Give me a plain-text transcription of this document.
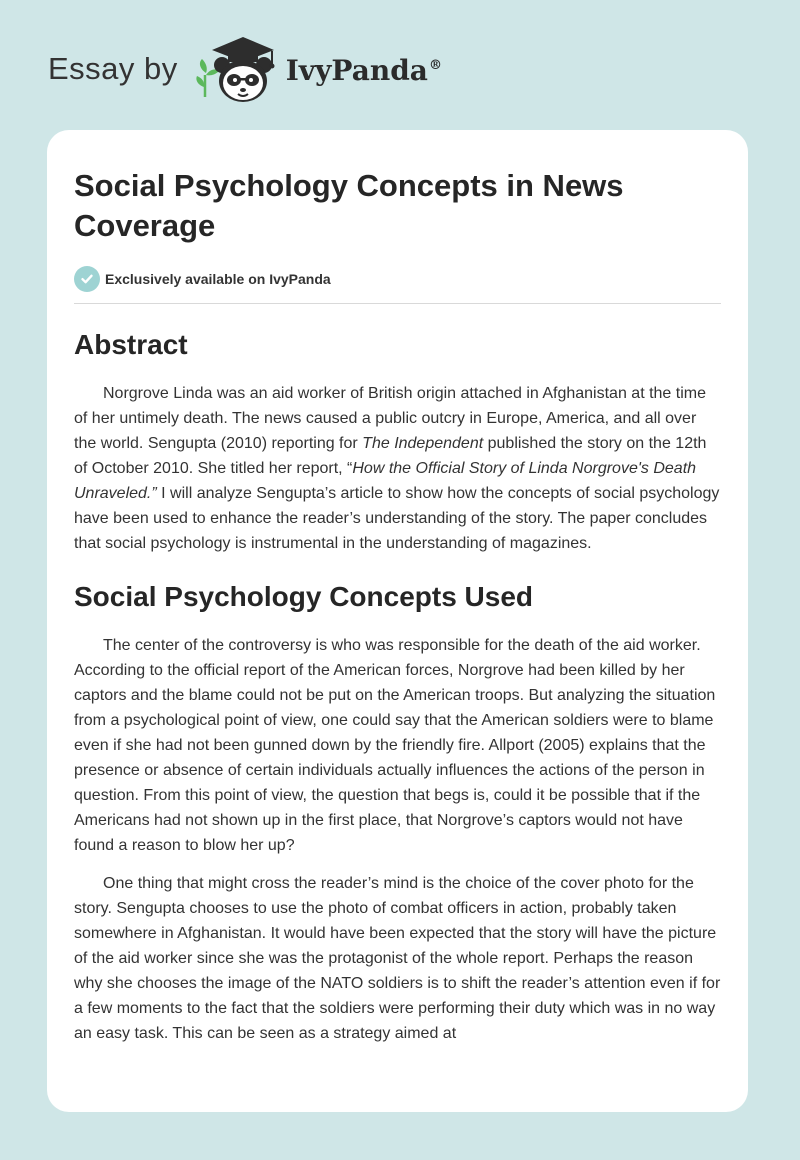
Essay by	IvyPanda®
Social Psychology Concepts in News Coverage
Exclusively available on IvyPanda
Abstract

Norgrove Linda was an aid worker of British origin attached in Afghanistan at the time of her untimely death. The news caused a public outcry in Europe, America, and all over the world. Sengupta (2010) reporting for The Independent published the story on the 12th of October 2010. She titled her report, “How the Official Story of Linda Norgrove's Death Unraveled.” I will analyze Sengupta’s article to show how the concepts of social psychology have been used to enhance the reader’s understanding of the story. The paper concludes that social psychology is instrumental in the understanding of magazines.

Social Psychology Concepts Used

The center of the controversy is who was responsible for the death of the aid worker. According to the official report of the American forces, Norgrove had been killed by her captors and the blame could not be put on the American troops. But analyzing the situation from a psychological point of view, one could say that the American soldiers were to blame even if she had not been gunned down by the friendly fire. Allport (2005) explains that the presence or absence of certain individuals actually influences the actions of the person in question. From this point of view, the question that begs is, could it be possible that if the Americans had not shown up in the first place, that Norgrove’s captors would not have found a reason to blow her up?

One thing that might cross the reader’s mind is the choice of the cover photo for the story. Sengupta chooses to use the photo of combat officers in action, probably taken somewhere in Afghanistan. It would have been expected that the story will have the picture of the aid worker since she was the protagonist of the whole report. Perhaps the reason why she chooses the image of the NATO soldiers is to shift the reader’s attention even if for a few moments to the fact that the soldiers were performing their duty which was in no way an easy task. This can be seen as a strategy aimed at
